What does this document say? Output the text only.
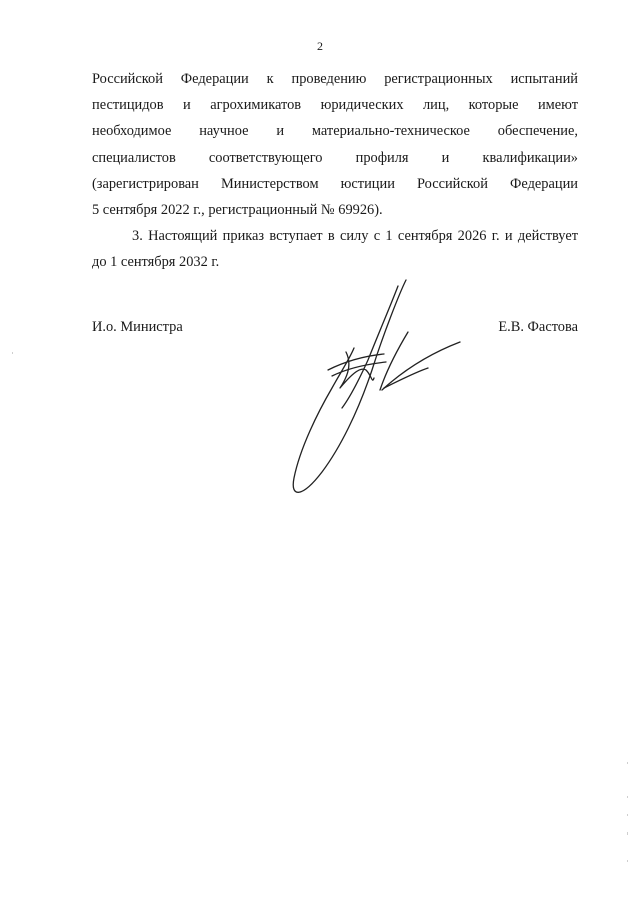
2
Российской Федерации к проведению регистрационных испытаний
пестицидов и агрохимикатов юридических лиц, которые имеют
необходимое научное и материально-техническое обеспечение,
специалистов соответствующего профиля и квалификации»
(зарегистрирован Министерством юстиции Российской Федерации
5 сентября 2022 г., регистрационный № 69926).
3. Настоящий приказ вступает в силу с 1 сентября 2026 г. и действует
до 1 сентября 2032 г.
И.о. Министра	Е.В. Фастова
